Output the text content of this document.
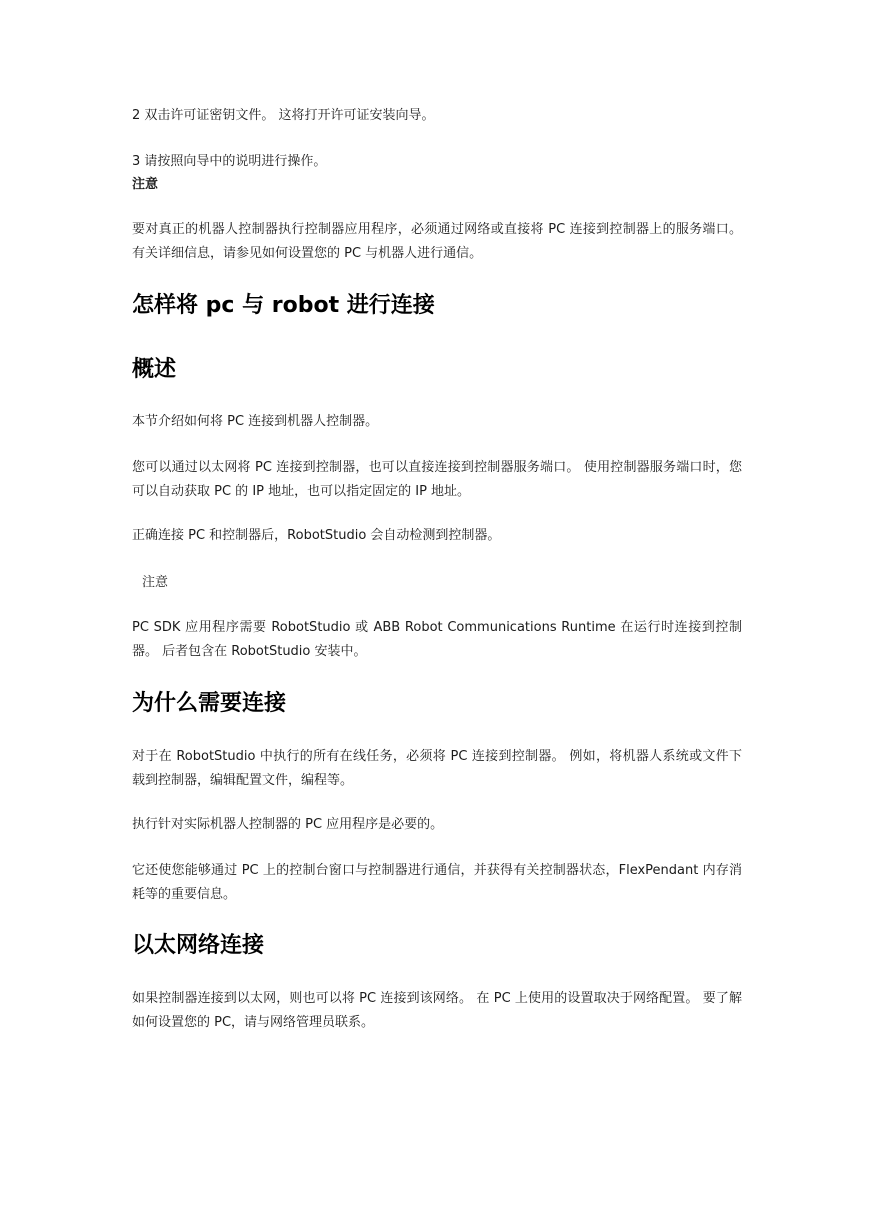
2 双击许可证密钥文件。 这将打开许可证安装向导。

3 请按照向导中的说明进行操作。

注意

要对真正的机器人控制器执行控制器应用程序，必须通过网络或直接将 PC 连接到控制器上的服务端口。 有关详细信息，请参见如何设置您的 PC 与机器人进行通信。

怎样将 pc 与 robot 进行连接
概述

本节介绍如何将 PC 连接到机器人控制器。

您可以通过以太网将 PC 连接到控制器，也可以直接连接到控制器服务端口。 使用控制器服务端口时，您可以自动获取 PC 的 IP 地址，也可以指定固定的 IP 地址。

正确连接 PC 和控制器后，RobotStudio 会自动检测到控制器。

注意

PC SDK 应用程序需要 RobotStudio 或 ABB Robot Communications Runtime 在运行时连接到控制器。 后者包含在 RobotStudio 安装中。

为什么需要连接

对于在 RobotStudio 中执行的所有在线任务，必须将 PC 连接到控制器。 例如，将机器人系统或文件下载到控制器，编辑配置文件，编程等。

执行针对实际机器人控制器的 PC 应用程序是必要的。

它还使您能够通过 PC 上的控制台窗口与控制器进行通信，并获得有关控制器状态，FlexPendant 内存消耗等的重要信息。

以太网络连接

如果控制器连接到以太网，则也可以将 PC 连接到该网络。 在 PC 上使用的设置取决于网络配置。 要了解如何设置您的 PC，请与网络管理员联系。
